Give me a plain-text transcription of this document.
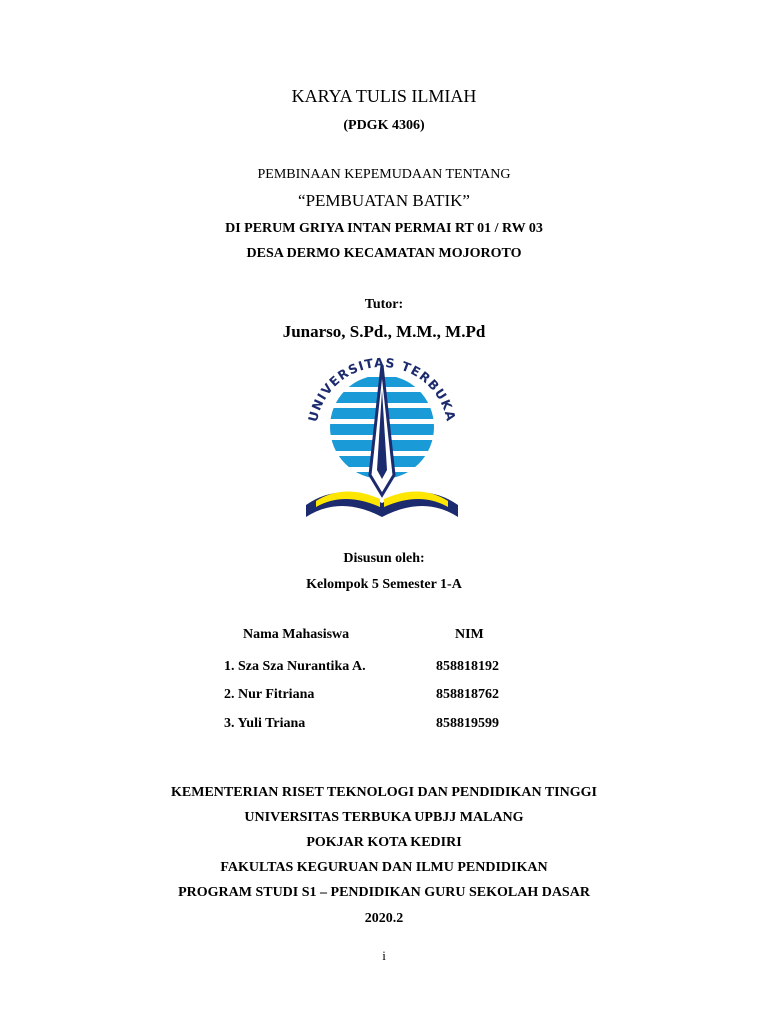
KARYA TULIS ILMIAH
(PDGK 4306)
PEMBINAAN KEPEMUDAAN TENTANG
“PEMBUATAN BATIK”
DI PERUM GRIYA INTAN PERMAI RT 01 / RW 03
DESA DERMO KECAMATAN MOJOROTO
Tutor:
Junarso, S.Pd., M.M., M.Pd
UNIVERSITAS TERBUKA
Disusun oleh:
Kelompok 5 Semester 1-A
Nama Mahasiswa	NIM
1. Sza Sza Nurantika A.	858818192
2. Nur Fitriana	858818762
3. Yuli Triana	858819599
KEMENTERIAN RISET TEKNOLOGI DAN PENDIDIKAN TINGGI
UNIVERSITAS TERBUKA UPBJJ MALANG
POKJAR KOTA KEDIRI
FAKULTAS KEGURUAN DAN ILMU PENDIDIKAN
PROGRAM STUDI S1 – PENDIDIKAN GURU SEKOLAH DASAR
2020.2
i
